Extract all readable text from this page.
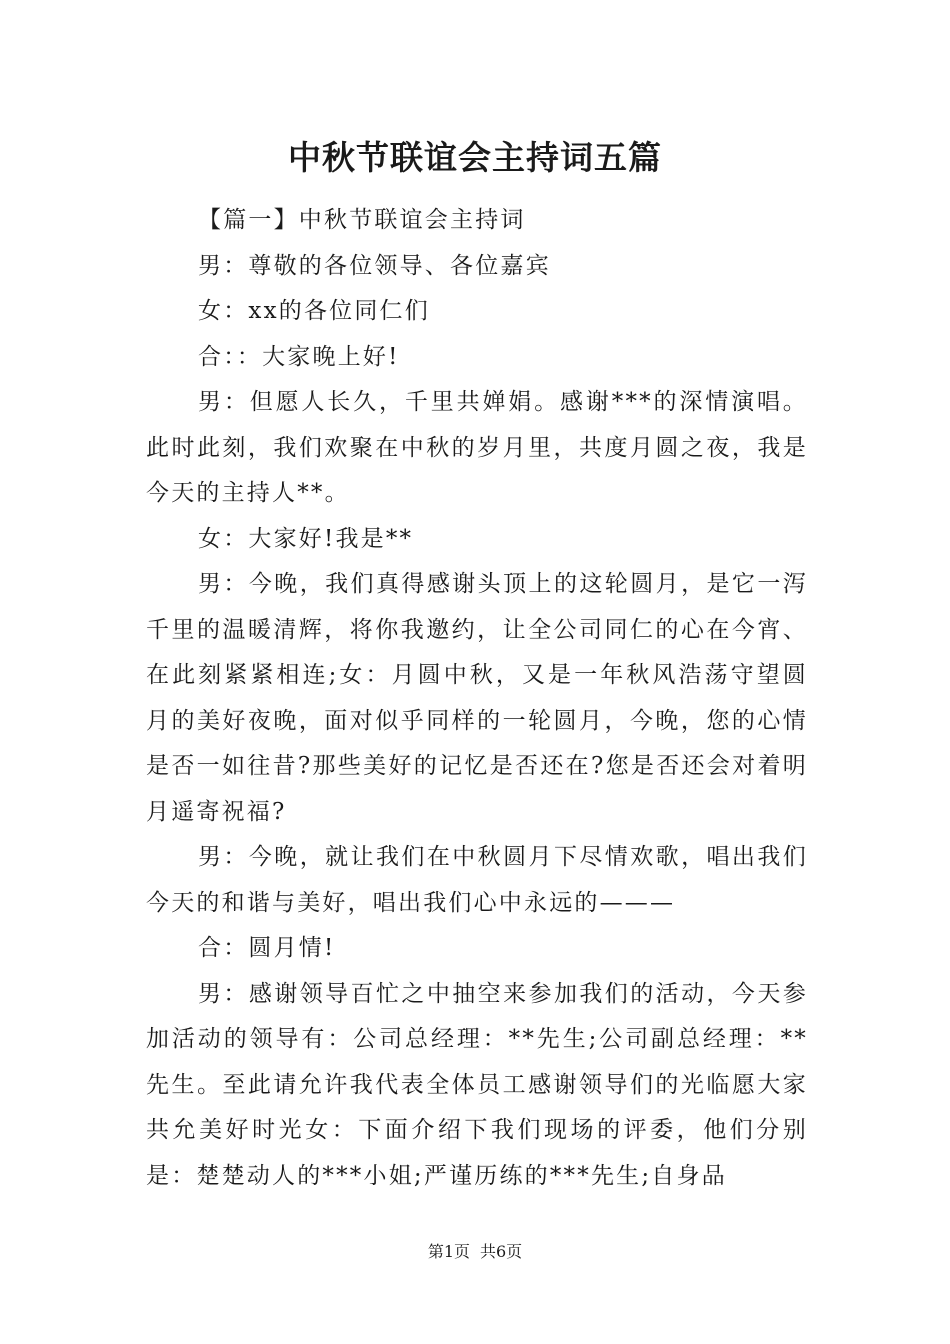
中秋节联谊会主持词五篇

【篇一】中秋节联谊会主持词

男：尊敬的各位领导、各位嘉宾

女：xx的各位同仁们

合：：大家晚上好!

男：但愿人长久，千里共婵娟。感谢***的深情演唱。此时此刻，我们欢聚在中秋的岁月里，共度月圆之夜，我是今天的主持人**。

女：大家好!我是**

男：今晚，我们真得感谢头顶上的这轮圆月，是它一泻千里的温暖清辉，将你我邀约，让全公司同仁的心在今宵、在此刻紧紧相连;女：月圆中秋，又是一年秋风浩荡守望圆月的美好夜晚，面对似乎同样的一轮圆月，今晚，您的心情是否一如往昔?那些美好的记忆是否还在?您是否还会对着明月遥寄祝福?

男：今晚，就让我们在中秋圆月下尽情欢歌，唱出我们今天的和谐与美好，唱出我们心中永远的———

合：圆月情!

男：感谢领导百忙之中抽空来参加我们的活动，今天参加活动的领导有：公司总经理：**先生;公司副总经理：**先生。至此请允许我代表全体员工感谢领导们的光临愿大家共允美好时光女：下面介绍下我们现场的评委，他们分别是：楚楚动人的***小姐;严谨历练的***先生;自身品

第1页 共6页
